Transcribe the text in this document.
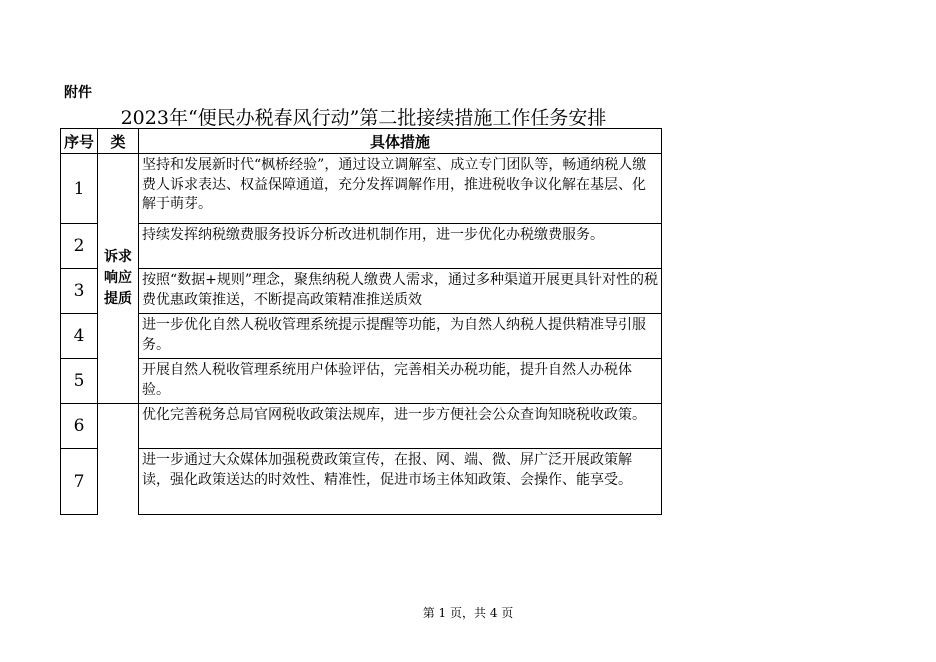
附件
2023年“便民办税春风行动”第二批接续措施工作任务安排
序号	类	具体措施
1	诉求响应提质	坚持和发展新时代“枫桥经验”，通过设立调解室、成立专门团队等，畅通纳税人缴费人诉求表达、权益保障通道，充分发挥调解作用，推进税收争议化解在基层、化解于萌芽。
2		持续发挥纳税缴费服务投诉分析改进机制作用，进一步优化办税缴费服务。
3		按照“数据+规则”理念，聚焦纳税人缴费人需求，通过多种渠道开展更具针对性的税费优惠政策推送，不断提高政策精准推送质效

4		进一步优化自然人税收管理系统提示提醒等功能，为自然人纳税人提供精准导引服务。
5		开展自然人税收管理系统用户体验评估，完善相关办税功能，提升自然人办税体验。
6		优化完善税务总局官网税收政策法规库，进一步方便社会公众查询知晓税收政策。
7		进一步通过大众媒体加强税费政策宣传，在报、网、端、微、屏广泛开展政策解读，强化政策送达的时效性、精准性，促进市场主体知政策、会操作、能享受。
第 1 页，共 4 页
